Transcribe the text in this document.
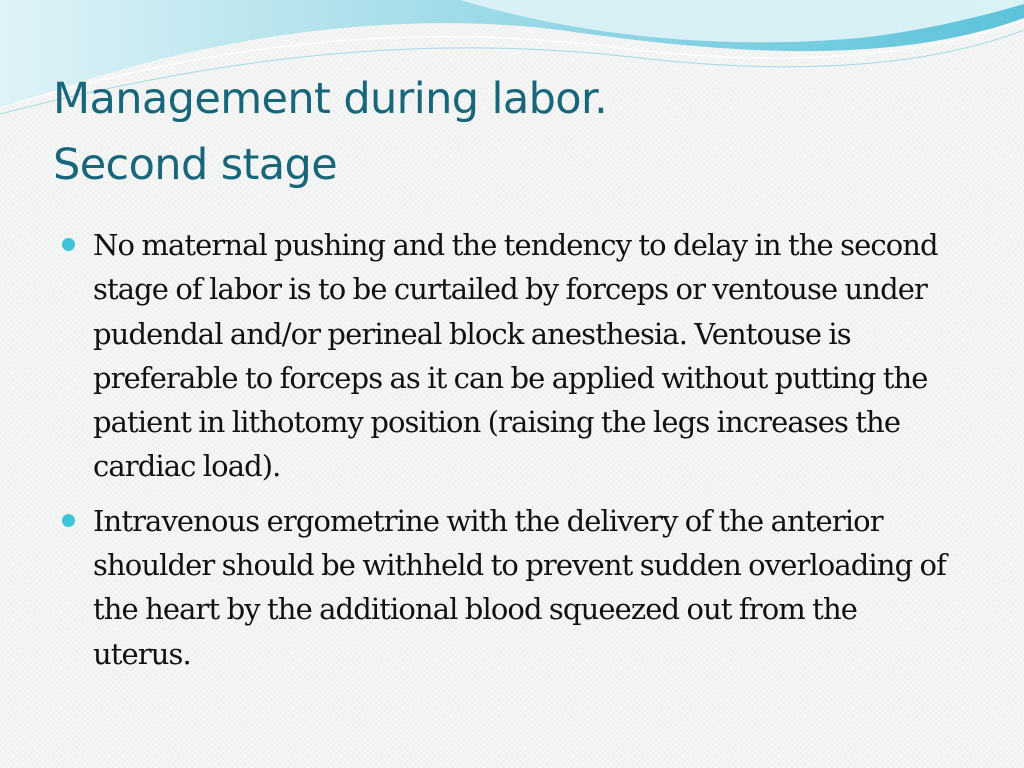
Management during labor.
Second stage
No maternal pushing and the tendency to delay in the second stage of labor is to be curtailed by forceps or ventouse under pudendal and/or perineal block anesthesia. Ventouse is preferable to forceps as it can be applied without putting the patient in lithotomy position (raising the legs increases the cardiac load).
Intravenous ergometrine with the delivery of the anterior shoulder should be withheld to prevent sudden overloading of the heart by the additional blood squeezed out from the uterus.
